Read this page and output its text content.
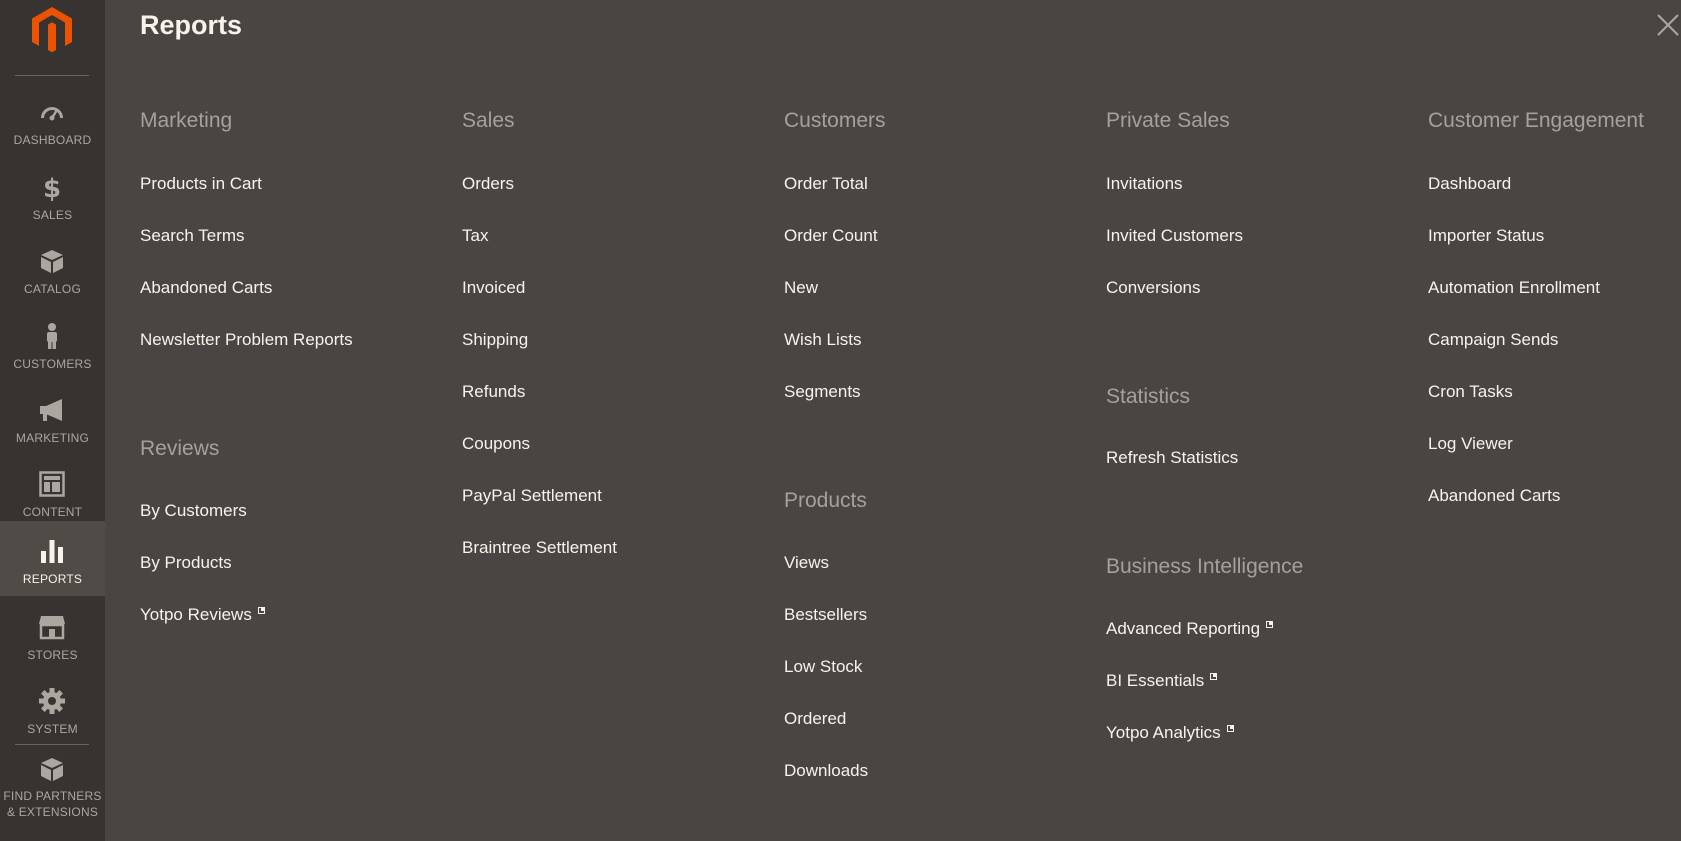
DASHBOARD
$
SALES
CATALOG
CUSTOMERS
MARKETING
CONTENT
REPORTS
STORES
SYSTEM
FIND PARTNERS
& EXTENSIONS
Reports
Marketing
Products in Cart
Search Terms
Abandoned Carts
Newsletter Problem Reports
Reviews
By Customers
By Products
Yotpo Reviews
Sales
Orders
Tax
Invoiced
Shipping
Refunds
Coupons
PayPal Settlement
Braintree Settlement
Customers
Order Total
Order Count
New
Wish Lists
Segments
Products
Views
Bestsellers
Low Stock
Ordered
Downloads
Private Sales
Invitations
Invited Customers
Conversions
Statistics
Refresh Statistics
Business Intelligence
Advanced Reporting
BI Essentials
Yotpo Analytics
Customer Engagement
Dashboard
Importer Status
Automation Enrollment
Campaign Sends
Cron Tasks
Log Viewer
Abandoned Carts
